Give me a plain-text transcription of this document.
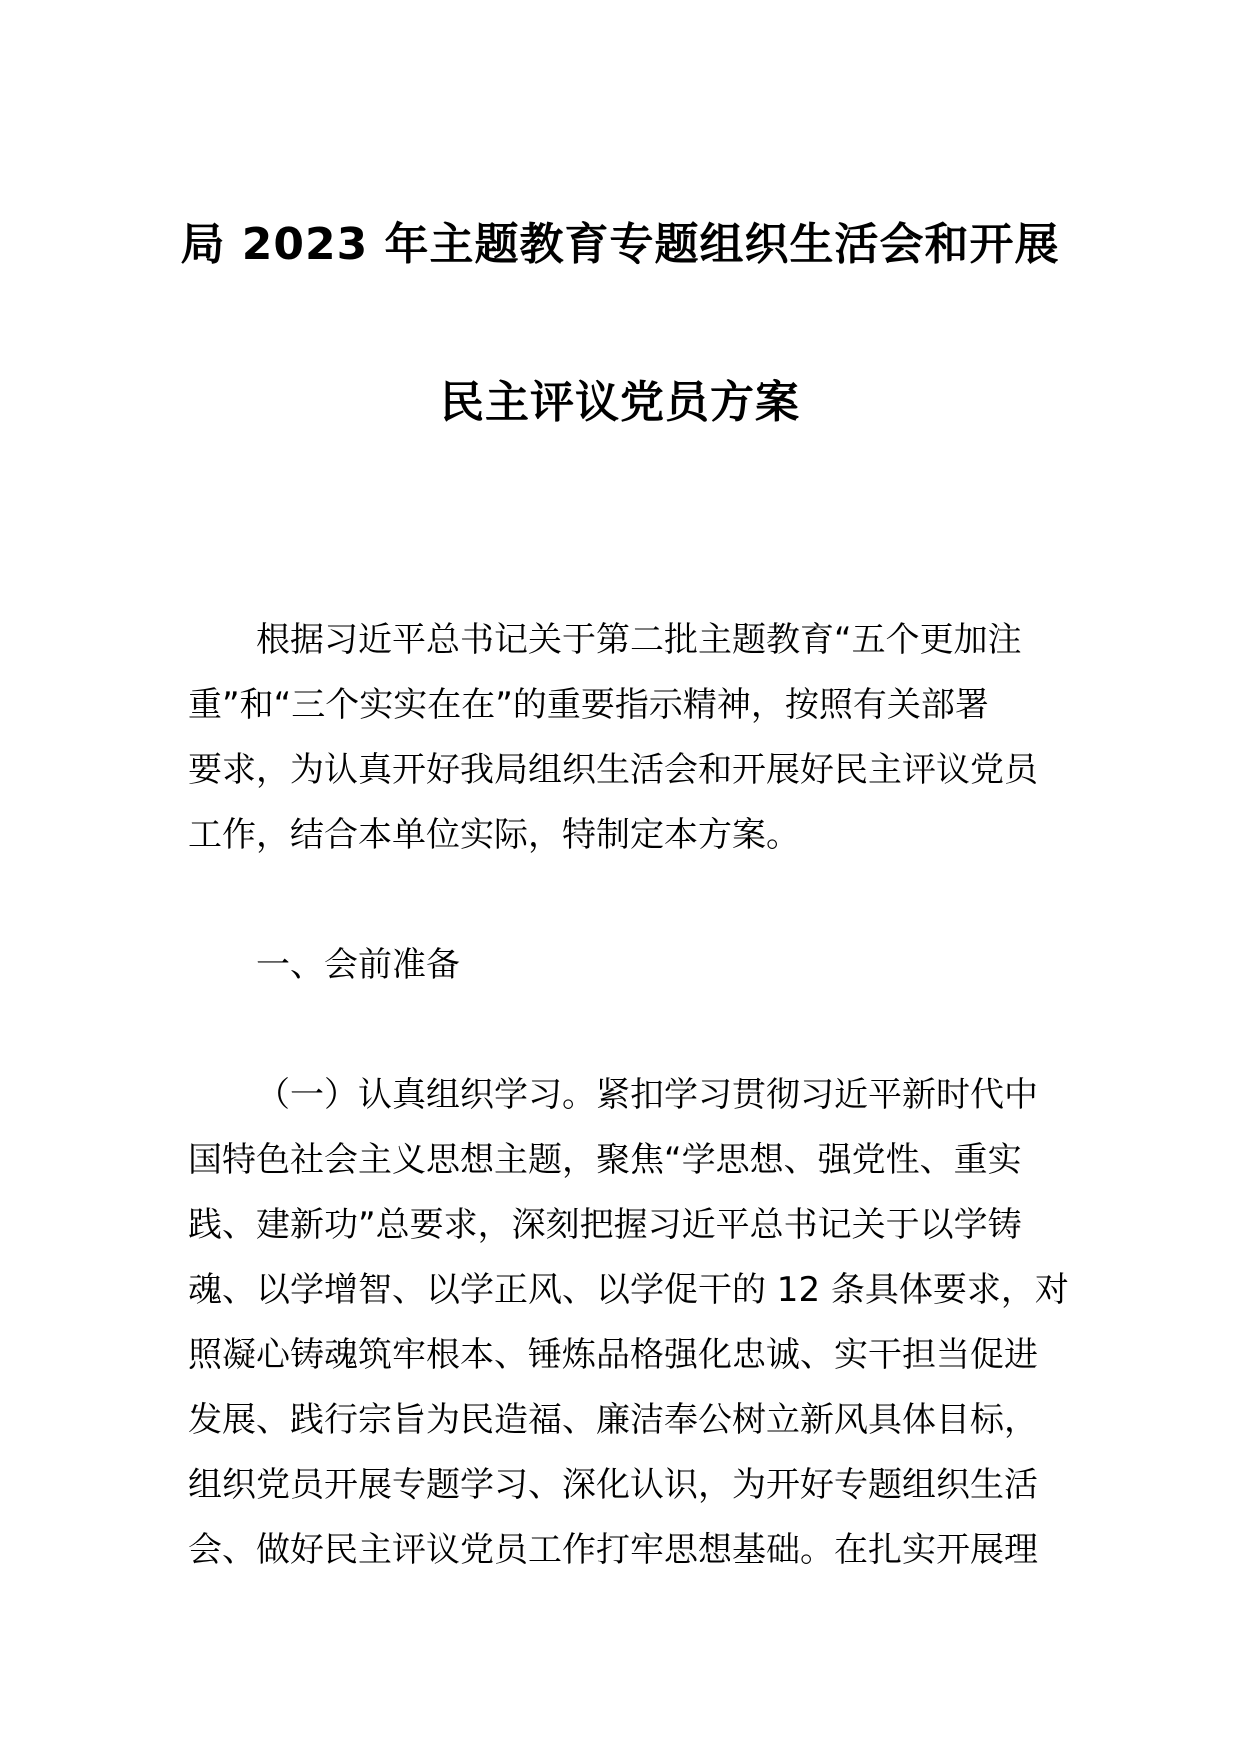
局 2023 年主题教育专题组织生活会和开展
民主评议党员方案
根据习近平总书记关于第二批主题教育“五个更加注
重”和“三个实实在在”的重要指示精神，按照有关部署
要求，为认真开好我局组织生活会和开展好民主评议党员
工作，结合本单位实际，特制定本方案。
一、会前准备
（一）认真组织学习。紧扣学习贯彻习近平新时代中
国特色社会主义思想主题，聚焦“学思想、强党性、重实
践、建新功”总要求，深刻把握习近平总书记关于以学铸
魂、以学增智、以学正风、以学促干的 12 条具体要求，对
照凝心铸魂筑牢根本、锤炼品格强化忠诚、实干担当促进
发展、践行宗旨为民造福、廉洁奉公树立新风具体目标，
组织党员开展专题学习、深化认识，为开好专题组织生活
会、做好民主评议党员工作打牢思想基础。在扎实开展理
